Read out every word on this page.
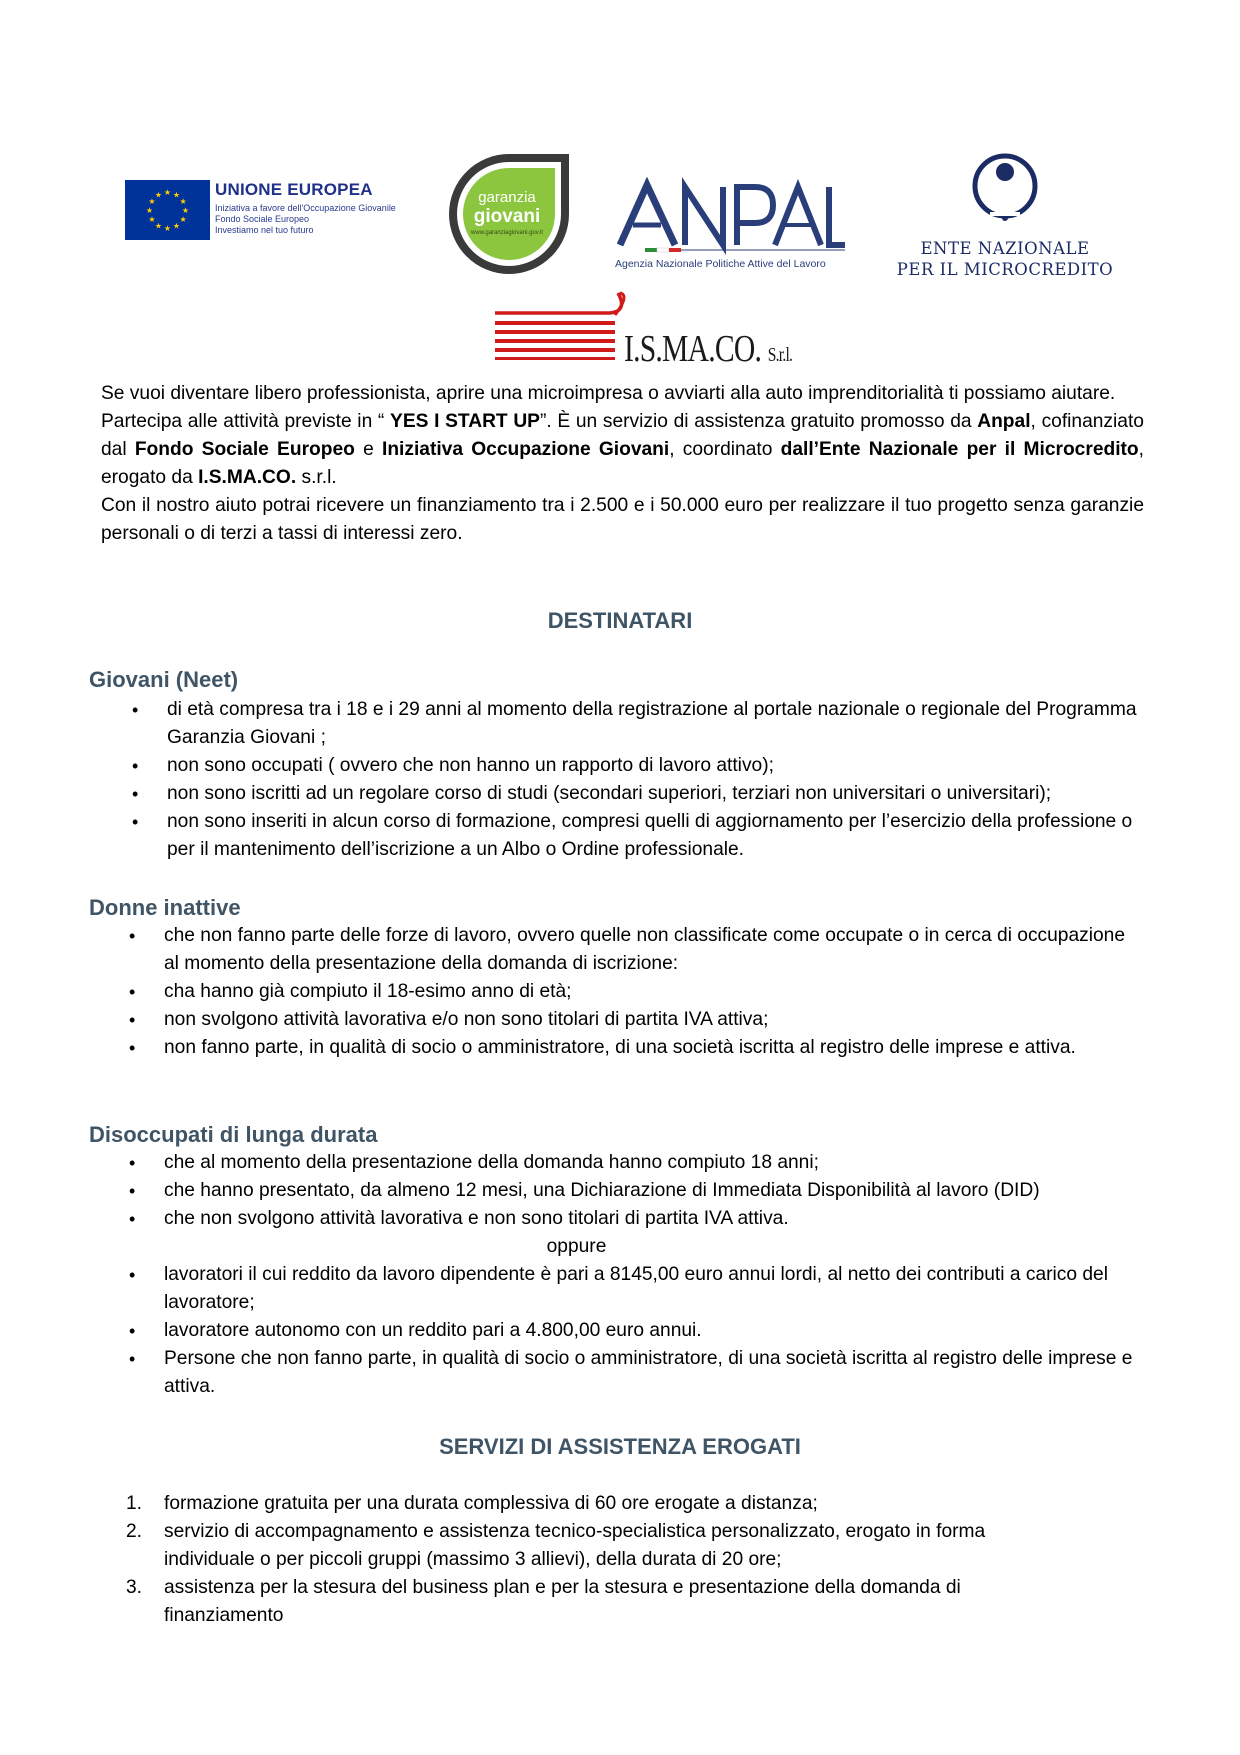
★ ★
★
★
★
★
★
★
★
★
★
★	UNIONE EUROPEA
Iniziativa a favore dell'Occupazione Giovanile
Fondo Sociale Europeo
Investiamo nel tuo futuro
garanzia
giovani
www.garanziagiovani.gov.it
Agenzia Nazionale Politiche Attive del Lavoro
ENTE NAZIONALE
PER IL MICROCREDITO
I.S.MA.CO. S.r.l.

Se vuoi diventare libero professionista, aprire una microimpresa o avviarti alla auto imprenditorialità ti possiamo aiutare.

Partecipa alle attività previste in “ YES I START UP”. È un servizio di assistenza gratuito promosso da Anpal, cofinanziato dal Fondo Sociale Europeo e Iniziativa Occupazione Giovani, coordinato dall’Ente Nazionale per il Microcredito, erogato da I.S.MA.CO. s.r.l.

Con il nostro aiuto potrai ricevere un finanziamento tra i 2.500 e i 50.000 euro per realizzare il tuo progetto senza garanzie personali o di terzi a tassi di interessi zero.

DESTINATARI
Giovani (Neet)
• di età compresa tra i 18 e i 29 anni al momento della registrazione al portale nazionale o regionale del Programma Garanzia Giovani ;
• non sono occupati ( ovvero che non hanno un rapporto di lavoro attivo);
• non sono iscritti ad un regolare corso di studi (secondari superiori, terziari non universitari o universitari);
• non sono inseriti in alcun corso di formazione, compresi quelli di aggiornamento per l’esercizio della professione o per il mantenimento dell’iscrizione a un Albo o Ordine professionale.
Donne inattive
• che non fanno parte delle forze di lavoro, ovvero quelle non classificate come occupate o in cerca di occupazione al momento della presentazione della domanda di iscrizione:
• cha hanno già compiuto il 18-esimo anno di età;
• non svolgono attività lavorativa e/o non sono titolari di partita IVA attiva;
• non fanno parte, in qualità di socio o amministratore, di una società iscritta al registro delle imprese e attiva.
Disoccupati di lunga durata
• che al momento della presentazione della domanda hanno compiuto 18 anni;
• che hanno presentato, da almeno 12 mesi, una Dichiarazione di Immediata Disponibilità al lavoro (DID)
• che non svolgono attività lavorativa e non sono titolari di partita IVA attiva.
oppure
• lavoratori il cui reddito da lavoro dipendente è pari a 8145,00 euro annui lordi, al netto dei contributi a carico del lavoratore;
• lavoratore autonomo con un reddito pari a 4.800,00 euro annui.
• Persone che non fanno parte, in qualità di socio o amministratore, di una società iscritta al registro delle imprese e attiva.
SERVIZI DI ASSISTENZA EROGATI
1. formazione gratuita per una durata complessiva di 60 ore erogate a distanza;
2. servizio di accompagnamento e assistenza tecnico-specialistica personalizzato, erogato in forma individuale o per piccoli gruppi (massimo 3 allievi), della durata di 20 ore;
3. assistenza per la stesura del business plan e per la stesura e presentazione della domanda di finanziamento
